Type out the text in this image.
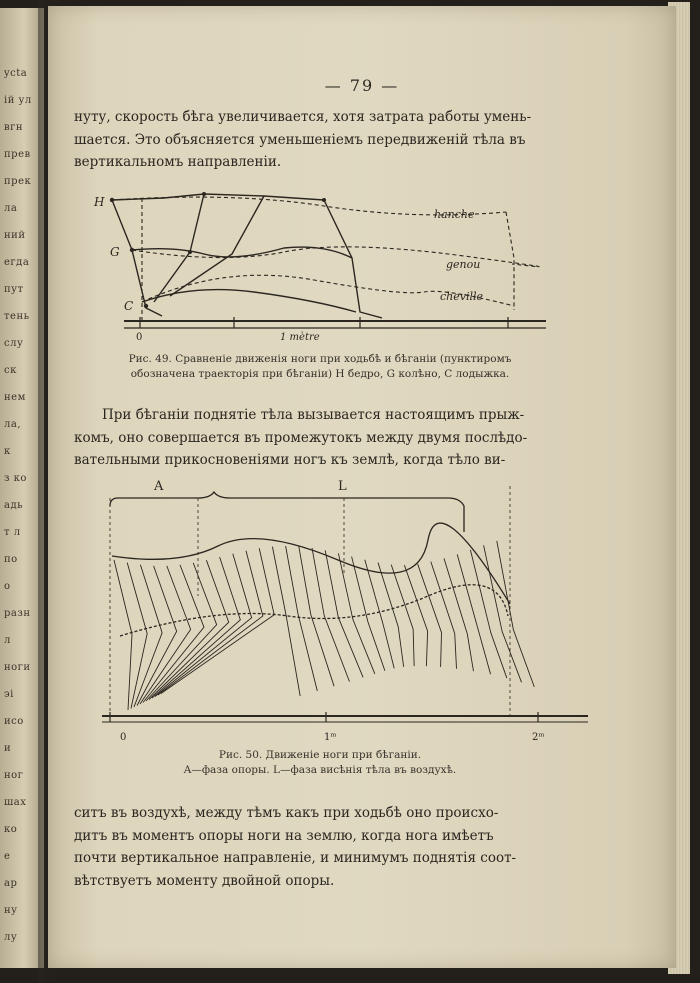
ycta
ій ул
вгн
прев
прек
ла
ний
егда
пут
тень
слу
ск
нем
ла,
к
з ко
адь
т л
по
о
разн
л
ноги
эі
исо
и
ног
шах
ко
е
ар
ну
лу
— 79 —

нуту, скорость бѣга увеличивается, хотя затрата работы умень-
шается. Это объясняется уменьшеніемъ передвиженій тѣла въ
вертикальномъ направленіи.

H
G
C
0	1 mètre
hanche
genou
cheville
Рис. 49. Сравненіе движенія ноги при ходьбѣ и бѣганіи (пунктиромъ
обозначена траекторія при бѣганіи) H бедро, G колѣно, C лодыжка.

При бѣганіи поднятіе тѣла вызывается настоящимъ прыж-
комъ, оно совершается въ промежутокъ между двумя послѣдо-
вательными прикосновеніями ногъ къ землѣ, когда тѣло ви-

A	L
0	1ᵐ	2ᵐ
Рис. 50. Движеніе ноги при бѣганіи.
A—фаза опоры. L—фаза висѣнія тѣла въ воздухѣ.

ситъ въ воздухѣ, между тѣмъ какъ при ходьбѣ оно происхо-
дитъ въ моментъ опоры ноги на землю, когда нога имѣетъ
почти вертикальное направленіе, и минимумъ поднятія соот-
вѣтствуетъ моменту двойной опоры.
